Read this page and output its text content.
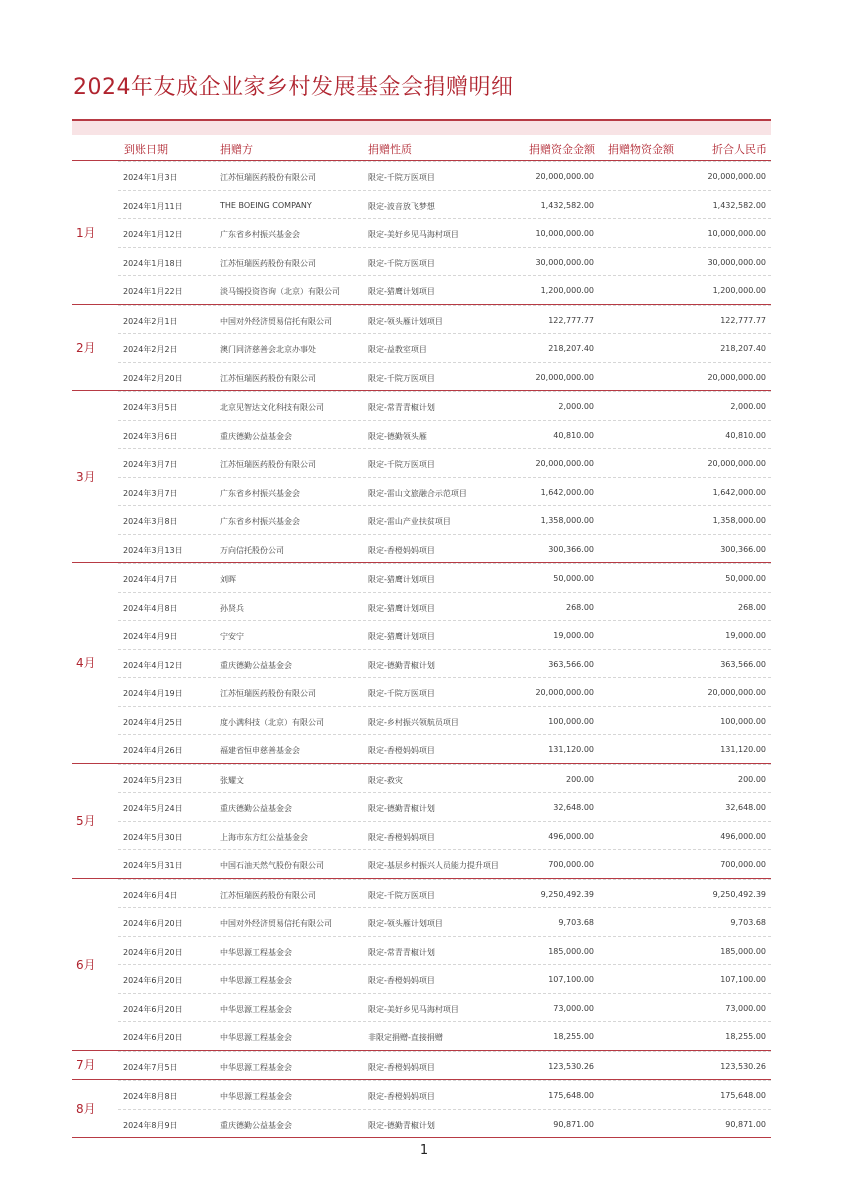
2024年友成企业家乡村发展基金会捐赠明细
到账日期	捐赠方	捐赠性质	捐赠资金金额 捐赠物资金额	折合人民币
1月
2024年1月3日	江苏恒瑞医药股份有限公司	限定-千院万医项目	20,000,000.00	20,000,000.00
2024年1月11日	THE BOEING COMPANY	限定-波音放飞梦想	1,432,582.00	1,432,582.00
2024年1月12日	广东省乡村振兴基金会	限定-美好乡见马海村项目	10,000,000.00	10,000,000.00
2024年1月18日	江苏恒瑞医药股份有限公司	限定-千院万医项目	30,000,000.00	30,000,000.00
2024年1月22日	淡马锡投资咨询（北京）有限公司	限定-猎鹰计划项目	1,200,000.00	1,200,000.00
2月
2024年2月1日	中国对外经济贸易信托有限公司	限定-领头雁计划项目	122,777.77	122,777.77
2024年2月2日	澳门同济慈善会北京办事处	限定-益教室项目	218,207.40	218,207.40
2024年2月20日	江苏恒瑞医药股份有限公司	限定-千院万医项目	20,000,000.00	20,000,000.00
3月
2024年3月5日	北京见智达文化科技有限公司	限定-常青青椒计划	2,000.00	2,000.00
2024年3月6日	重庆德勤公益基金会	限定-德勤领头雁	40,810.00	40,810.00
2024年3月7日	江苏恒瑞医药股份有限公司	限定-千院万医项目	20,000,000.00	20,000,000.00
2024年3月7日	广东省乡村振兴基金会	限定-雷山文旅融合示范项目	1,642,000.00	1,642,000.00
2024年3月8日	广东省乡村振兴基金会	限定-雷山产业扶贫项目	1,358,000.00	1,358,000.00
2024年3月13日	万向信托股份公司	限定-香橙妈妈项目	300,366.00	300,366.00
4月
2024年4月7日	刘晖	限定-猎鹰计划项目	50,000.00	50,000.00
2024年4月8日	孙贤兵	限定-猎鹰计划项目	268.00	268.00
2024年4月9日	宁安宁	限定-猎鹰计划项目	19,000.00	19,000.00
2024年4月12日	重庆德勤公益基金会	限定-德勤青椒计划	363,566.00	363,566.00
2024年4月19日	江苏恒瑞医药股份有限公司	限定-千院万医项目	20,000,000.00	20,000,000.00
2024年4月25日	度小满科技（北京）有限公司	限定-乡村振兴领航员项目	100,000.00	100,000.00
2024年4月26日	福建省恒申慈善基金会	限定-香橙妈妈项目	131,120.00	131,120.00
5月
2024年5月23日	张耀文	限定-救灾	200.00	200.00
2024年5月24日	重庆德勤公益基金会	限定-德勤青椒计划	32,648.00	32,648.00
2024年5月30日	上海市东方红公益基金会	限定-香橙妈妈项目	496,000.00	496,000.00
2024年5月31日	中国石油天然气股份有限公司	限定-基层乡村振兴人员能力提升项目	700,000.00	700,000.00
6月
2024年6月4日	江苏恒瑞医药股份有限公司	限定-千院万医项目	9,250,492.39	9,250,492.39
2024年6月20日	中国对外经济贸易信托有限公司	限定-领头雁计划项目	9,703.68	9,703.68
2024年6月20日	中华思源工程基金会	限定-常青青椒计划	185,000.00	185,000.00
2024年6月20日	中华思源工程基金会	限定-香橙妈妈项目	107,100.00	107,100.00
2024年6月20日	中华思源工程基金会	限定-美好乡见马海村项目	73,000.00	73,000.00
2024年6月20日	中华思源工程基金会	非限定捐赠-直接捐赠	18,255.00	18,255.00
7月	2024年7月5日	中华思源工程基金会	限定-香橙妈妈项目	123,530.26	123,530.26
8月
2024年8月8日	中华思源工程基金会	限定-香橙妈妈项目	175,648.00	175,648.00
2024年8月9日	重庆德勤公益基金会	限定-德勤青椒计划	90,871.00	90,871.00
1
